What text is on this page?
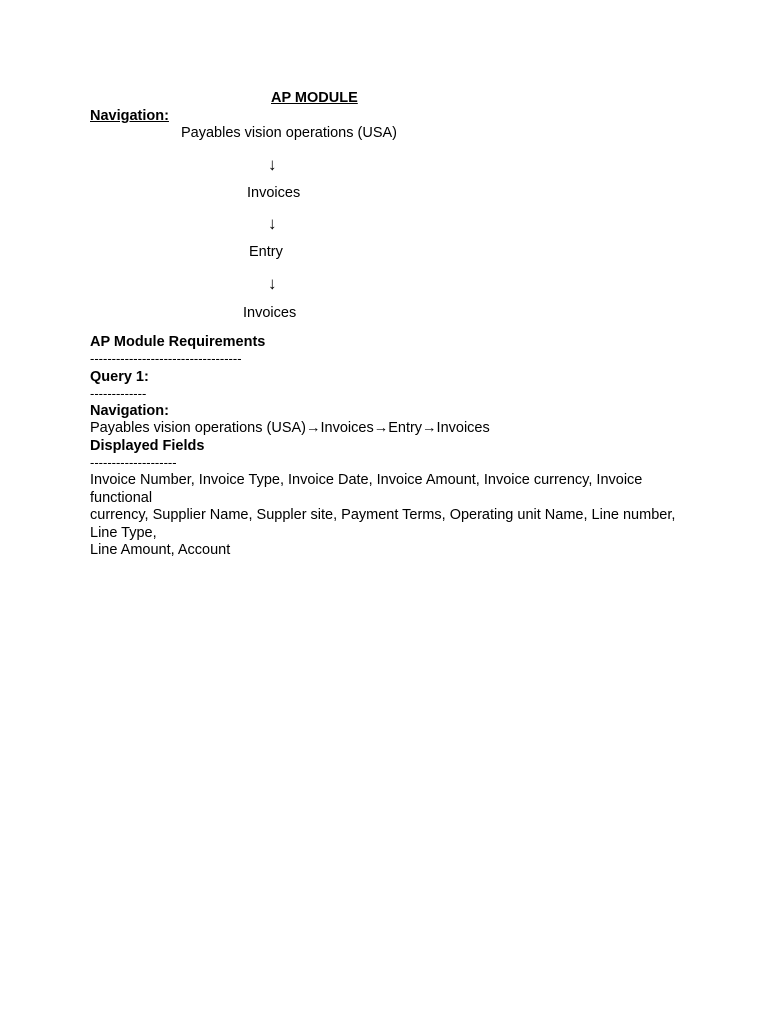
AP MODULE
Navigation:
Payables vision operations (USA)
↓
Invoices
↓
Entry
↓
Invoices
AP Module Requirements
-----------------------------------
Query 1:
-------------
Navigation:
Payables vision operations (USA)→Invoices→Entry→Invoices
Displayed Fields
--------------------
Invoice Number, Invoice Type, Invoice Date, Invoice Amount, Invoice currency, Invoice functional
currency, Supplier Name, Suppler site, Payment Terms, Operating unit Name, Line number, Line Type,
Line Amount, Account
